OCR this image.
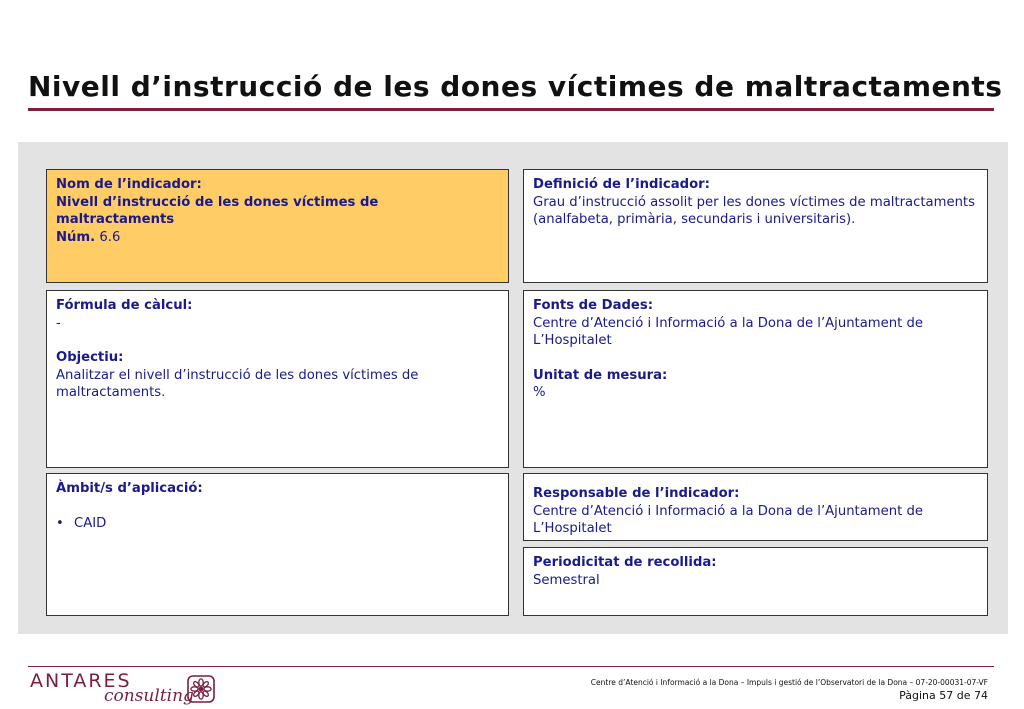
Nivell d’instrucció de les dones víctimes de maltractaments
Nom de l’indicador:
Nivell d’instrucció de les dones víctimes de maltractaments
Núm. 6.6
Definició de l’indicador:
Grau d’instrucció assolit per les dones víctimes de maltractaments (analfabeta, primària, secundaris i universitaris).
Fórmula de càlcul:
-
Objectiu:
Analitzar el nivell d’instrucció de les dones víctimes de maltractaments.
Fonts de Dades:
Centre d’Atenció i Informació a la Dona de l’Ajuntament de L’Hospitalet
Unitat de mesura:
%
Àmbit/s d’aplicació:
• CAID
Responsable de l’indicador:
Centre d’Atenció i Informació a la Dona de l’Ajuntament de L’Hospitalet
Periodicitat de recollida:
Semestral
ANTARES
consulting
Centre d’Atenció i Informació a la Dona – Impuls i gestió de l’Observatori de la Dona – 07-20-00031-07-VF
Pàgina 57 de 74
